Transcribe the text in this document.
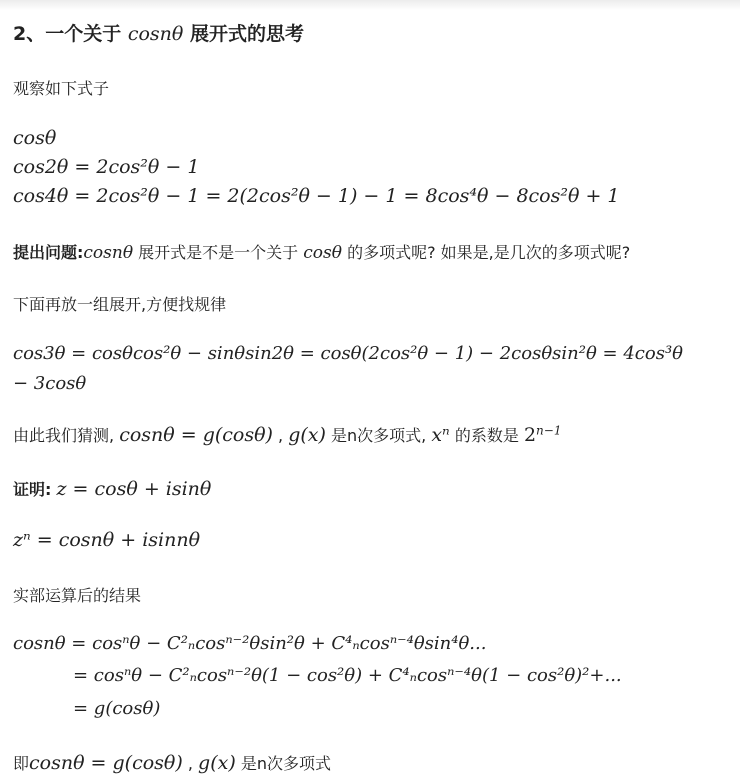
2、一个关于 cosnθ 展开式的思考
观察如下式子
cosθ
cos2θ = 2cos²θ − 1
cos4θ = 2cos²θ − 1 = 2(2cos²θ − 1) − 1 = 8cos⁴θ − 8cos²θ + 1
提出问题:cosnθ 展开式是不是一个关于 cosθ 的多项式呢? 如果是,是几次的多项式呢?
下面再放一组展开,方便找规律
cos3θ = cosθcos²θ − sinθsin2θ = cosθ(2cos²θ − 1) − 2cosθsin²θ = 4cos³θ
− 3cosθ
由此我们猜测, cosnθ = g(cosθ) , g(x) 是n次多项式, xⁿ 的系数是 $2^{n-1}$
证明: z = cosθ + isinθ
zⁿ = cosnθ + isinnθ
实部运算后的结果
cosnθ = cosⁿθ − C²ₙcosⁿ⁻²θsin²θ + C⁴ₙcosⁿ⁻⁴θsin⁴θ...
= cosⁿθ − C²ₙcosⁿ⁻²θ(1 − cos²θ) + C⁴ₙcosⁿ⁻⁴θ(1 − cos²θ)²+...
= g(cosθ)
即cosnθ = g(cosθ) , g(x) 是n次多项式
